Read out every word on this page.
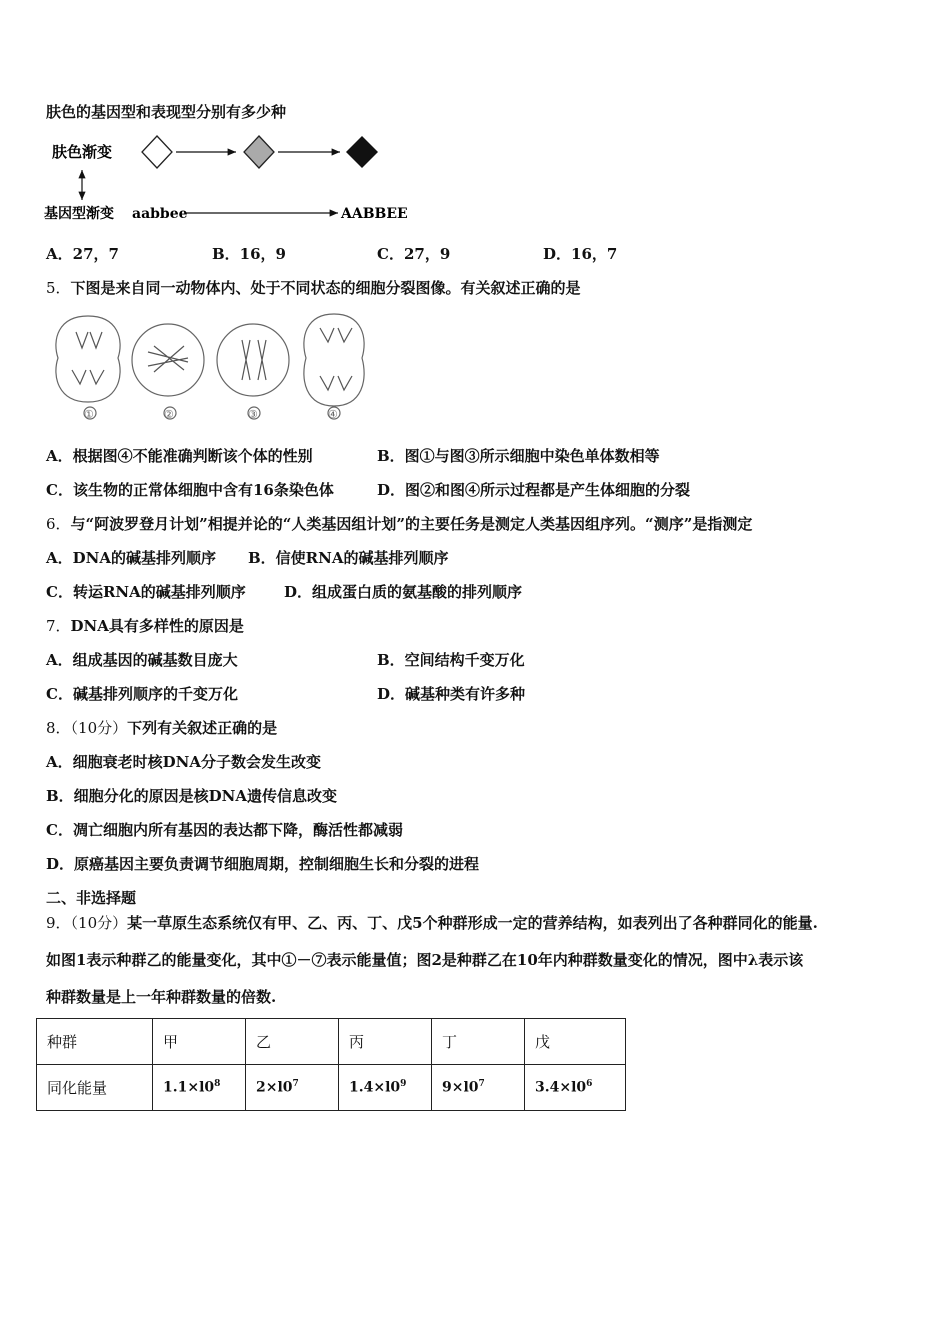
肤色的基因型和表现型分别有多少种
肤色渐变
基因型渐变 aabbee	AABBEE
A．27，7	B．16，9	C．27，9	D．16，7
5．下图是来自同一动物体内、处于不同状态的细胞分裂图像。有关叙述正确的是
①	②	③	④
A．根据图④不能准确判断该个体的性别	B．图①与图③所示细胞中染色单体数相等
C．该生物的正常体细胞中含有16条染色体	D．图②和图④所示过程都是产生体细胞的分裂
6．与“阿波罗登月计划”相提并论的“人类基因组计划”的主要任务是测定人类基因组序列。“测序”是指测定
A．DNA的碱基排列顺序 B．信使RNA的碱基排列顺序
C．转运RNA的碱基排列顺序	D．组成蛋白质的氨基酸的排列顺序
7．DNA具有多样性的原因是
A．组成基因的碱基数目庞大	B．空间结构千变万化
C．碱基排列顺序的千变万化	D．碱基种类有许多种
8．（10分）下列有关叙述正确的是
A．细胞衰老时核DNA分子数会发生改变
B．细胞分化的原因是核DNA遗传信息改变
C．凋亡细胞内所有基因的表达都下降，酶活性都减弱
D．原癌基因主要负责调节细胞周期，控制细胞生长和分裂的进程
二、非选择题
9．（10分）某一草原生态系统仅有甲、乙、丙、丁、戊5个种群形成一定的营养结构，如表列出了各种群同化的能量.
如图1表示种群乙的能量变化，其中①－⑦表示能量值；图2是种群乙在10年内种群数量变化的情况，图中λ表示该
种群数量是上一年种群数量的倍数.
种群	甲	乙	丙	丁	戊
同化能量	$1.1\times l0^8$	$2\times l0^7$	$1.4\times l0^9$	$9\times l0^7$	$3.4\times l0^6$
